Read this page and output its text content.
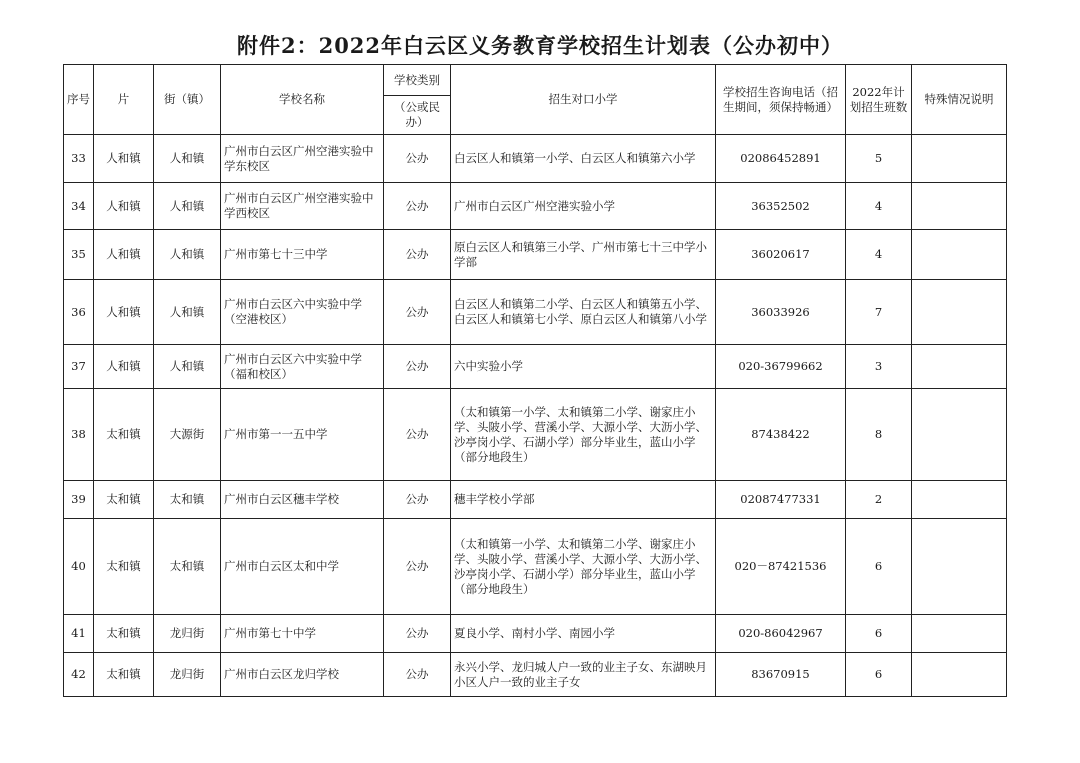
附件2：2022年白云区义务教育学校招生计划表（公办初中）
序号	片	街（镇）	学校名称	学校类别	招生对口小学	学校招生咨询电话（招生期间，须保持畅通）	2022年计划招生班数	特殊情况说明
				（公或民办）				
33	人和镇	人和镇	广州市白云区广州空港实验中学东校区	公办	白云区人和镇第一小学、白云区人和镇第六小学	02086452891	5	
34	人和镇	人和镇	广州市白云区广州空港实验中学西校区	公办	广州市白云区广州空港实验小学	36352502	4	
35	人和镇	人和镇	广州市第七十三中学	公办	原白云区人和镇第三小学、广州市第七十三中学小学部	36020617	4	
36	人和镇	人和镇	广州市白云区六中实验中学（空港校区）	公办	白云区人和镇第二小学、白云区人和镇第五小学、白云区人和镇第七小学、原白云区人和镇第八小学	36033926	7	
37	人和镇	人和镇	广州市白云区六中实验中学（福和校区）	公办	六中实验小学	020-36799662	3	
38	太和镇	大源街	广州市第一一五中学	公办	（太和镇第一小学、太和镇第二小学、谢家庄小学、头陂小学、营溪小学、大源小学、大沥小学、沙亭岗小学、石湖小学）部分毕业生，蓝山小学（部分地段生）	87438422	8	
39	太和镇	太和镇	广州市白云区穗丰学校	公办	穗丰学校小学部	02087477331	2	
40	太和镇	太和镇	广州市白云区太和中学	公办	（太和镇第一小学、太和镇第二小学、谢家庄小学、头陂小学、营溪小学、大源小学、大沥小学、沙亭岗小学、石湖小学）部分毕业生，蓝山小学（部分地段生）	020－87421536	6	
41	太和镇	龙归街	广州市第七十中学	公办	夏良小学、南村小学、南园小学	020-86042967	6	
42	太和镇	龙归街	广州市白云区龙归学校	公办	永兴小学、龙归城人户一致的业主子女、东湖映月小区人户一致的业主子女	83670915	6	
